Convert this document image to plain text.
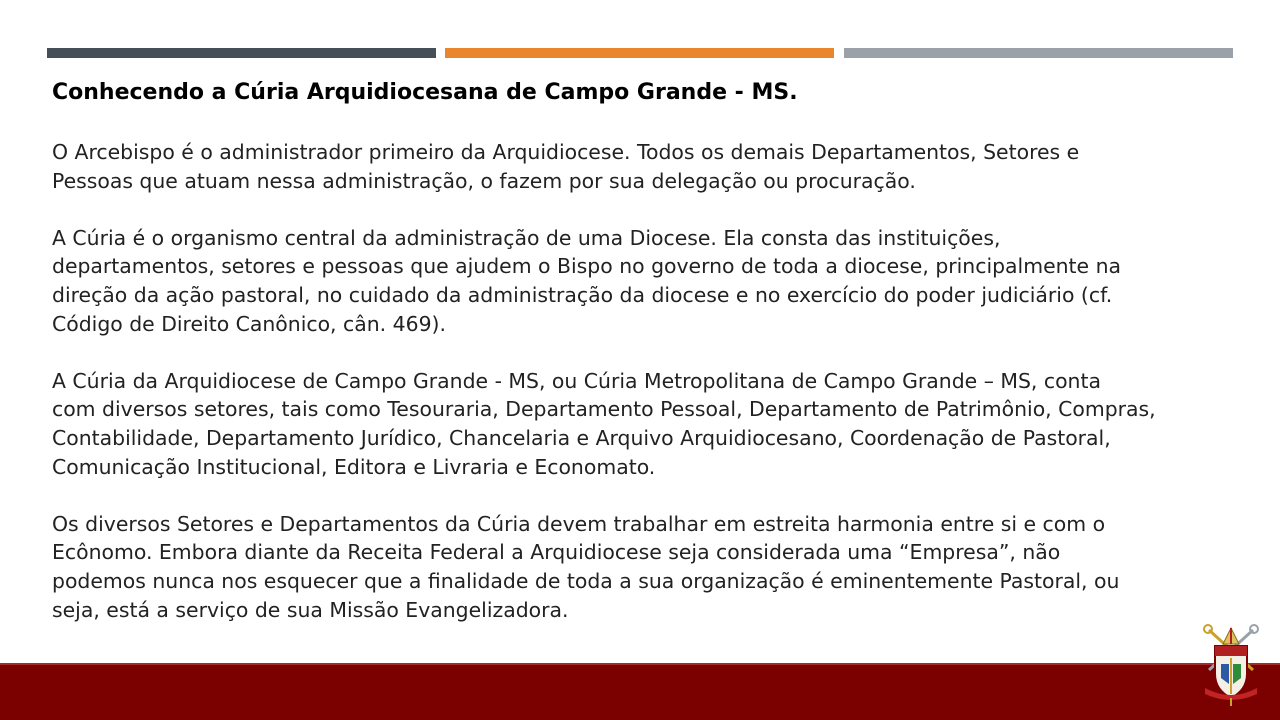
Conhecendo a Cúria Arquidiocesana de Campo Grande - MS.

O Arcebispo é o administrador primeiro da Arquidiocese. Todos os demais Departamentos, Setores e
Pessoas que atuam nessa administração, o fazem por sua delegação ou procuração.

A Cúria é o organismo central da administração de uma Diocese. Ela consta das instituições,
departamentos, setores e pessoas que ajudem o Bispo no governo de toda a diocese, principalmente na
direção da ação pastoral, no cuidado da administração da diocese e no exercício do poder judiciário (cf.
Código de Direito Canônico, cân. 469).

A Cúria da Arquidiocese de Campo Grande - MS, ou Cúria Metropolitana de Campo Grande – MS, conta
com diversos setores, tais como Tesouraria, Departamento Pessoal, Departamento de Patrimônio, Compras,
Contabilidade, Departamento Jurídico, Chancelaria e Arquivo Arquidiocesano, Coordenação de Pastoral,
Comunicação Institucional, Editora e Livraria e Economato.

Os diversos Setores e Departamentos da Cúria devem trabalhar em estreita harmonia entre si e com o
Ecônomo. Embora diante da Receita Federal a Arquidiocese seja considerada uma “Empresa”, não
podemos nunca nos esquecer que a finalidade de toda a sua organização é eminentemente Pastoral, ou
seja, está a serviço de sua Missão Evangelizadora.
